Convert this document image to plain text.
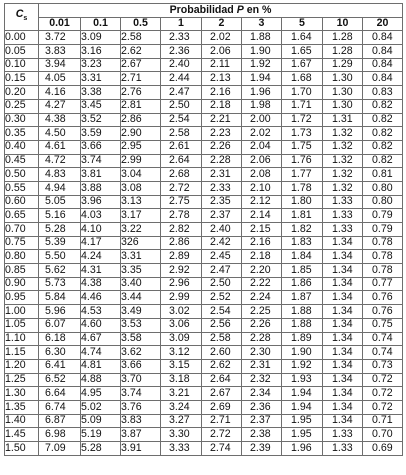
$C_s$	Probabilidad P en %								
	0.01	0.1	0.5	1	2	3	5	10	20
0.00	3.72	3.09	2.58	2.33	2.02	1.88	1.64	1.28	0.84
0.05	3.83	3.16	2.62	2.36	2.06	1.90	1.65	1.28	0.84
0.10	3.94	3.23	2.67	2.40	2.11	1.92	1.67	1.29	0.84
0.15	4.05	3.31	2.71	2.44	2.13	1.94	1.68	1.30	0.84
0.20	4.16	3.38	2.76	2.47	2.16	1.96	1.70	1.30	0.83
0.25	4.27	3.45	2.81	2.50	2.18	1.98	1.71	1.30	0.82
0.30	4.38	3.52	2.86	2.54	2.21	2.00	1.72	1.31	0.82
0.35	4.50	3.59	2.90	2.58	2.23	2.02	1.73	1.32	0.82
0.40	4.61	3.66	2.95	2.61	2.26	2.04	1.75	1.32	0.82
0.45	4.72	3.74	2.99	2.64	2.28	2.06	1.76	1.32	0.82
0.50	4.83	3.81	3.04	2.68	2.31	2.08	1.77	1.32	0.81
0.55	4.94	3.88	3.08	2.72	2.33	2.10	1.78	1.32	0.80
0.60	5.05	3.96	3.13	2.75	2.35	2.12	1.80	1.33	0.80
0.65	5.16	4.03	3.17	2.78	2.37	2.14	1.81	1.33	0.79
0.70	5.28	4.10	3.22	2.82	2.40	2.15	1.82	1.33	0.79
0.75	5.39	4.17	326	2.86	2.42	2.16	1.83	1.34	0.78
0.80	5.50	4.24	3.31	2.89	2.45	2.18	1.84	1.34	0.78
0.85	5.62	4.31	3.35	2.92	2.47	2.20	1.85	1.34	0.78
0.90	5.73	4.38	3.40	2.96	2.50	2.22	1.86	1.34	0.77
0.95	5.84	4.46	3.44	2.99	2.52	2.24	1.87	1.34	0.76
1.00	5.96	4.53	3.49	3.02	2.54	2.25	1.88	1.34	0.76
1.05	6.07	4.60	3.53	3.06	2.56	2.26	1.88	1.34	0.75
1.10	6.18	4.67	3.58	3.09	2.58	2.28	1.89	1.34	0.74
1.15	6.30	4.74	3.62	3.12	2.60	2.30	1.90	1.34	0.74
1.20	6.41	4.81	3.66	3.15	2.62	2.31	1.92	1.34	0.73
1.25	6.52	4.88	3.70	3.18	2.64	2.32	1.93	1.34	0.72
1.30	6.64	4.95	3.74	3.21	2.67	2.34	1.94	1.34	0.72
1.35	6.74	5.02	3.76	3.24	2.69	2.36	1.94	1.34	0.72
1.40	6.87	5.09	3.83	3.27	2.71	2.37	1.95	1.34	0.71
1.45	6.98	5.19	3.87	3.30	2.72	2.38	1.95	1.33	0.70
1.50	7.09	5.28	3.91	3.33	2.74	2.39	1.96	1.33	0.69
